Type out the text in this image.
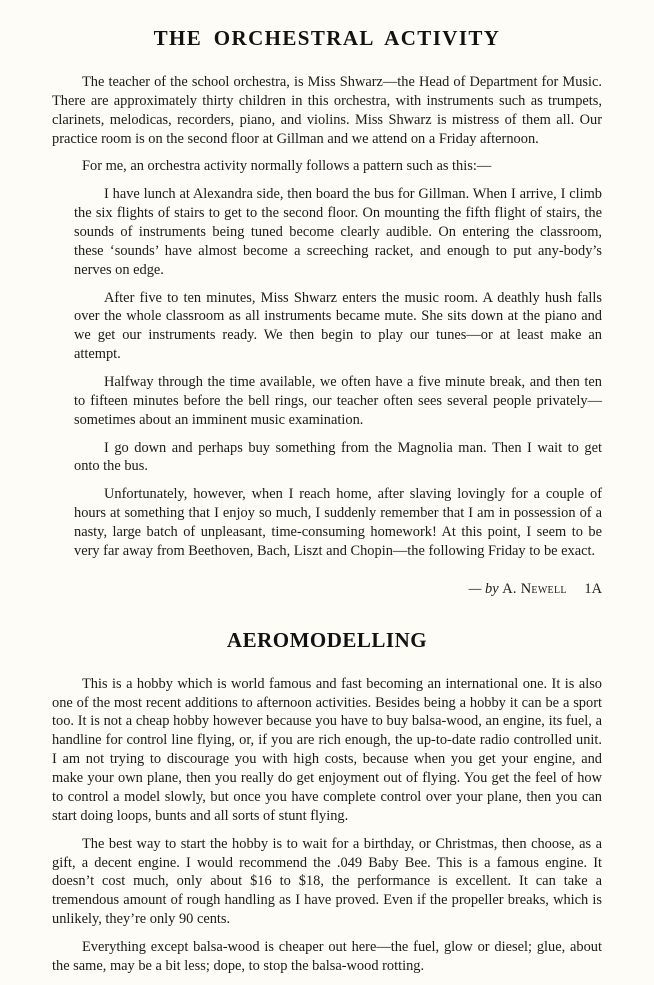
THE ORCHESTRAL ACTIVITY

The teacher of the school orchestra, is Miss Shwarz—the Head of Department for Music. There are approximately thirty children in this orchestra, with instruments such as trumpets, clarinets, melodicas, recorders, piano, and violins. Miss Shwarz is mistress of them all. Our practice room is on the second floor at Gillman and we attend on a Friday afternoon.

For me, an orchestra activity normally follows a pattern such as this:—

I have lunch at Alexandra side, then board the bus for Gillman. When I arrive, I climb the six flights of stairs to get to the second floor. On mounting the fifth flight of stairs, the sounds of instruments being tuned become clearly audible. On entering the classroom, these ‘sounds’ have almost become a screeching racket, and enough to put any-body’s nerves on edge.

After five to ten minutes, Miss Shwarz enters the music room. A deathly hush falls over the whole classroom as all instruments became mute. She sits down at the piano and we get our instruments ready. We then begin to play our tunes—or at least make an attempt.

Halfway through the time available, we often have a five minute break, and then ten to fifteen minutes before the bell rings, our teacher often sees several people privately—sometimes about an imminent music examination.

I go down and perhaps buy something from the Magnolia man. Then I wait to get onto the bus.

Unfortunately, however, when I reach home, after slaving lovingly for a couple of hours at something that I enjoy so much, I suddenly remember that I am in possession of a nasty, large batch of unpleasant, time-consuming homework! At this point, I seem to be very far away from Beethoven, Bach, Liszt and Chopin—the following Friday to be exact.

— by A. Newell 1A

AEROMODELLING

This is a hobby which is world famous and fast becoming an international one. It is also one of the most recent additions to afternoon activities. Besides being a hobby it can be a sport too. It is not a cheap hobby however because you have to buy balsa-wood, an engine, its fuel, a handline for control line flying, or, if you are rich enough, the up-to-date radio controlled unit. I am not trying to discourage you with high costs, because when you get your engine, and make your own plane, then you really do get enjoyment out of flying. You get the feel of how to control a model slowly, but once you have complete control over your plane, then you can start doing loops, bunts and all sorts of stunt flying.

The best way to start the hobby is to wait for a birthday, or Christmas, then choose, as a gift, a decent engine. I would recommend the .049 Baby Bee. This is a famous engine. It doesn’t cost much, only about $16 to $18, the performance is excellent. It can take a tremendous amount of rough handling as I have proved. Even if the propeller breaks, which is unlikely, they’re only 90 cents.

Everything except balsa-wood is cheaper out here—the fuel, glow or diesel; glue, about the same, may be a bit less; dope, to stop the balsa-wood rotting.
